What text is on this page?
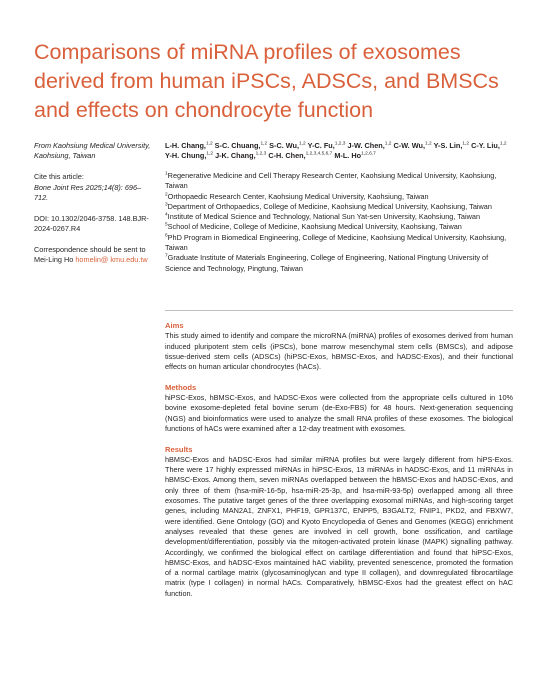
Comparisons of miRNA profiles of exosomes derived from human iPSCs, ADSCs, and BMSCs and effects on chondrocyte function

From Kaohsiung Medical University, Kaohsiung, Taiwan

Cite this article:
Bone Joint Res 2025;14(8): 696–712.

DOI: 10.1302/2046-3758. 148.BJR-2024-0267.R4

Correspondence should be sent to Mei-Ling Ho homelin@ kmu.edu.tw

L-H. Chang,$^{1,2}$ S-C. Chuang,$^{1,2}$ S-C. Wu,$^{1,2}$ Y-C. Fu,$^{1,2,3}$ J-W. Chen,$^{1,2}$ C-W. Wu,$^{1,2}$ Y-S. Lin,$^{1,2}$ C-Y. Liu,$^{1,2}$ Y-H. Chung,$^{1,2}$ J-K. Chang,$^{1,2,3}$ C-H. Chen,$^{1,2,3,4,5,6,7}$ M-L. Ho$^{1,2,6,7}$

$^1$Regenerative Medicine and Cell Therapy Research Center, Kaohsiung Medical University, Kaohsiung, Taiwan

$^2$Orthopaedic Research Center, Kaohsiung Medical University, Kaohsiung, Taiwan

$^3$Department of Orthopaedics, College of Medicine, Kaohsiung Medical University, Kaohsiung, Taiwan

$^4$Institute of Medical Science and Technology, National Sun Yat-sen University, Kaohsiung, Taiwan

$^5$School of Medicine, College of Medicine, Kaohsiung Medical University, Kaohsiung, Taiwan

$^6$PhD Program in Biomedical Engineering, College of Medicine, Kaohsiung Medical University, Kaohsiung, Taiwan

$^7$Graduate Institute of Materials Engineering, College of Engineering, National Pingtung University of Science and Technology, Pingtung, Taiwan

Aims

This study aimed to identify and compare the microRNA (miRNA) profiles of exosomes derived from human induced pluripotent stem cells (iPSCs), bone marrow mesenchymal stem cells (BMSCs), and adipose tissue-derived stem cells (ADSCs) (hiPSC-Exos, hBMSC-Exos, and hADSC-Exos), and their functional effects on human articular chondrocytes (hACs).

Methods

hiPSC-Exos, hBMSC-Exos, and hADSC-Exos were collected from the appropriate cells cultured in 10% bovine exosome-depleted fetal bovine serum (de-Exo-FBS) for 48 hours. Next-generation sequencing (NGS) and bioinformatics were used to analyze the small RNA profiles of these exosomes. The biological functions of hACs were examined after a 12-day treatment with exosomes.

Results

hBMSC-Exos and hADSC-Exos had similar miRNA profiles but were largely different from hiPS-Exos. There were 17 highly expressed miRNAs in hiPSC-Exos, 13 miRNAs in hADSC-Exos, and 11 miRNAs in hBMSC-Exos. Among them, seven miRNAs overlapped between the hBMSC-Exos and hADSC-Exos, and only three of them (hsa-miR-16-5p, hsa-miR-25-3p, and hsa-miR-93-5p) overlapped among all three exosomes. The putative target genes of the three overlapping exosomal miRNAs, and high-scoring target genes, including MAN2A1, ZNFX1, PHF19, GPR137C, ENPP5, B3GALT2, FNIP1, PKD2, and FBXW7, were identified. Gene Ontology (GO) and Kyoto Encyclopedia of Genes and Genomes (KEGG) enrichment analyses revealed that these genes are involved in cell growth, bone ossification, and cartilage development/differentiation, possibly via the mitogen-activated protein kinase (MAPK) signalling pathway. Accordingly, we confirmed the biological effect on cartilage differentiation and found that hiPSC-Exos, hBMSC-Exos, and hADSC-Exos maintained hAC viability, prevented senescence, promoted the formation of a normal cartilage matrix (glycosaminoglycan and type II collagen), and downregulated fibrocartilage matrix (type I collagen) in normal hACs. Comparatively, hBMSC-Exos had the greatest effect on hAC function.
